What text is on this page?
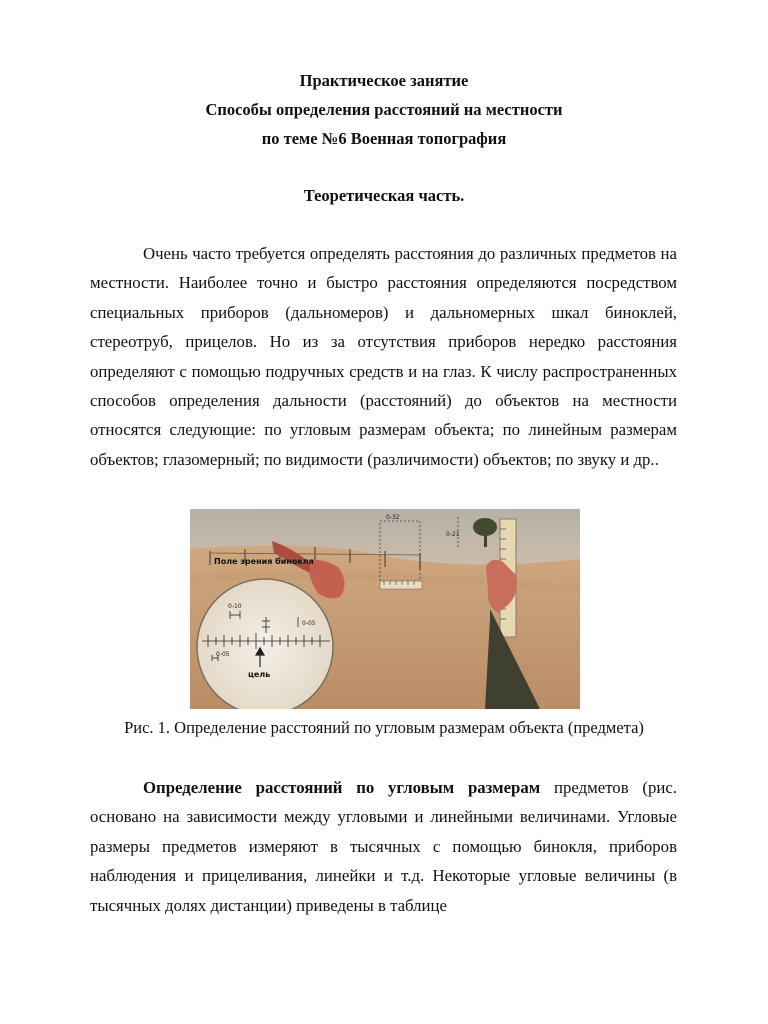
Практическое занятие
Способы определения расстояний на местности
по теме №6 Военная топография
Теоретическая часть.

Очень часто требуется определять расстояния до различных предметов на местности. Наиболее точно и быстро расстояния определяются посредством специальных приборов (дальномеров) и дальномерных шкал биноклей, стереотруб, прицелов. Но из за отсутствия приборов нередко расстояния определяют с помощью подручных средств и на глаз. К числу распространенных способов определения дальности (расстояний) до объектов на местности относятся следующие: по угловым размерам объекта; по линейным размерам объектов; глазомерный; по видимости (различимости) объектов; по звуку и др..

0-32
0-21
0-10
0-05
0-05
цель
Поле зрения бинокля
Рис. 1. Определение расстояний по угловым размерам объекта (предмета)

Определение расстояний по угловым размерам предметов (рис. основано на зависимости между угловыми и линейными величинами. Угловые размеры предметов измеряют в тысячных с помощью бинокля, приборов наблюдения и прицеливания, линейки и т.д. Некоторые угловые величины (в тысячных долях дистанции) приведены в таблице
